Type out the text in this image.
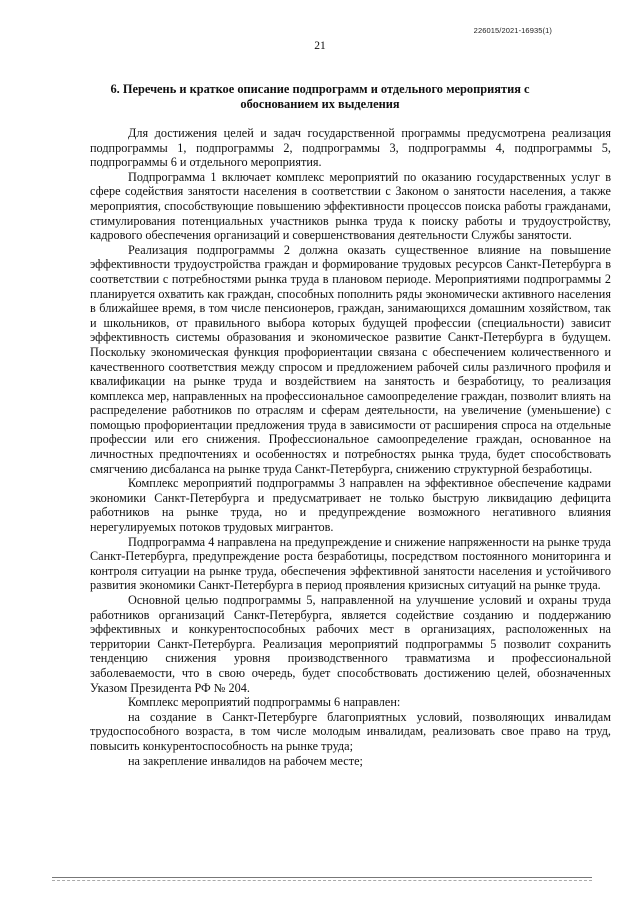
226015/2021-16935(1)
21
6. Перечень и краткое описание подпрограмм и отдельного мероприятия с обоснованием их выделения

Для достижения целей и задач государственной программы предусмотрена реализация подпрограммы 1, подпрограммы 2, подпрограммы 3, подпрограммы 4, подпрограммы 5, подпрограммы 6 и отдельного мероприятия.

Подпрограмма 1 включает комплекс мероприятий по оказанию государственных услуг в сфере содействия занятости населения в соответствии с Законом о занятости населения, а также мероприятия, способствующие повышению эффективности процессов поиска работы гражданами, стимулирования потенциальных участников рынка труда к поиску работы и трудоустройству, кадрового обеспечения организаций и совершенствования деятельности Службы занятости.

Реализация подпрограммы 2 должна оказать существенное влияние на повышение эффективности трудоустройства граждан и формирование трудовых ресурсов Санкт-Петербурга в соответствии с потребностями рынка труда в плановом периоде. Мероприятиями подпрограммы 2 планируется охватить как граждан, способных пополнить ряды экономически активного населения в ближайшее время, в том числе пенсионеров, граждан, занимающихся домашним хозяйством, так и школьников, от правильного выбора которых будущей профессии (специальности) зависит эффективность системы образования и экономическое развитие Санкт-Петербурга в будущем. Поскольку экономическая функция профориентации связана с обеспечением количественного и качественного соответствия между спросом и предложением рабочей силы различного профиля и квалификации на рынке труда и воздействием на занятость и безработицу, то реализация комплекса мер, направленных на профессиональное самоопределение граждан, позволит влиять на распределение работников по отраслям и сферам деятельности, на увеличение (уменьшение) с помощью профориентации предложения труда в зависимости от расширения спроса на отдельные профессии или его снижения. Профессиональное самоопределение граждан, основанное на личностных предпочтениях и особенностях и потребностях рынка труда, будет способствовать смягчению дисбаланса на рынке труда Санкт-Петербурга, снижению структурной безработицы.

Комплекс мероприятий подпрограммы 3 направлен на эффективное обеспечение кадрами экономики Санкт-Петербурга и предусматривает не только быструю ликвидацию дефицита работников на рынке труда, но и предупреждение возможного негативного влияния нерегулируемых потоков трудовых мигрантов.

Подпрограмма 4 направлена на предупреждение и снижение напряженности на рынке труда Санкт-Петербурга, предупреждение роста безработицы, посредством постоянного мониторинга и контроля ситуации на рынке труда, обеспечения эффективной занятости населения и устойчивого развития экономики Санкт-Петербурга в период проявления кризисных ситуаций на рынке труда.

Основной целью подпрограммы 5, направленной на улучшение условий и охраны труда работников организаций Санкт-Петербурга, является содействие созданию и поддержанию эффективных и конкурентоспособных рабочих мест в организациях, расположенных на территории Санкт-Петербурга. Реализация мероприятий подпрограммы 5 позволит сохранить тенденцию снижения уровня производственного травматизма и профессиональной заболеваемости, что в свою очередь, будет способствовать достижению целей, обозначенных Указом Президента РФ № 204.

Комплекс мероприятий подпрограммы 6 направлен:

на создание в Санкт-Петербурге благоприятных условий, позволяющих инвалидам трудоспособного возраста, в том числе молодым инвалидам, реализовать свое право на труд, повысить конкурентоспособность на рынке труда;

на закрепление инвалидов на рабочем месте;
